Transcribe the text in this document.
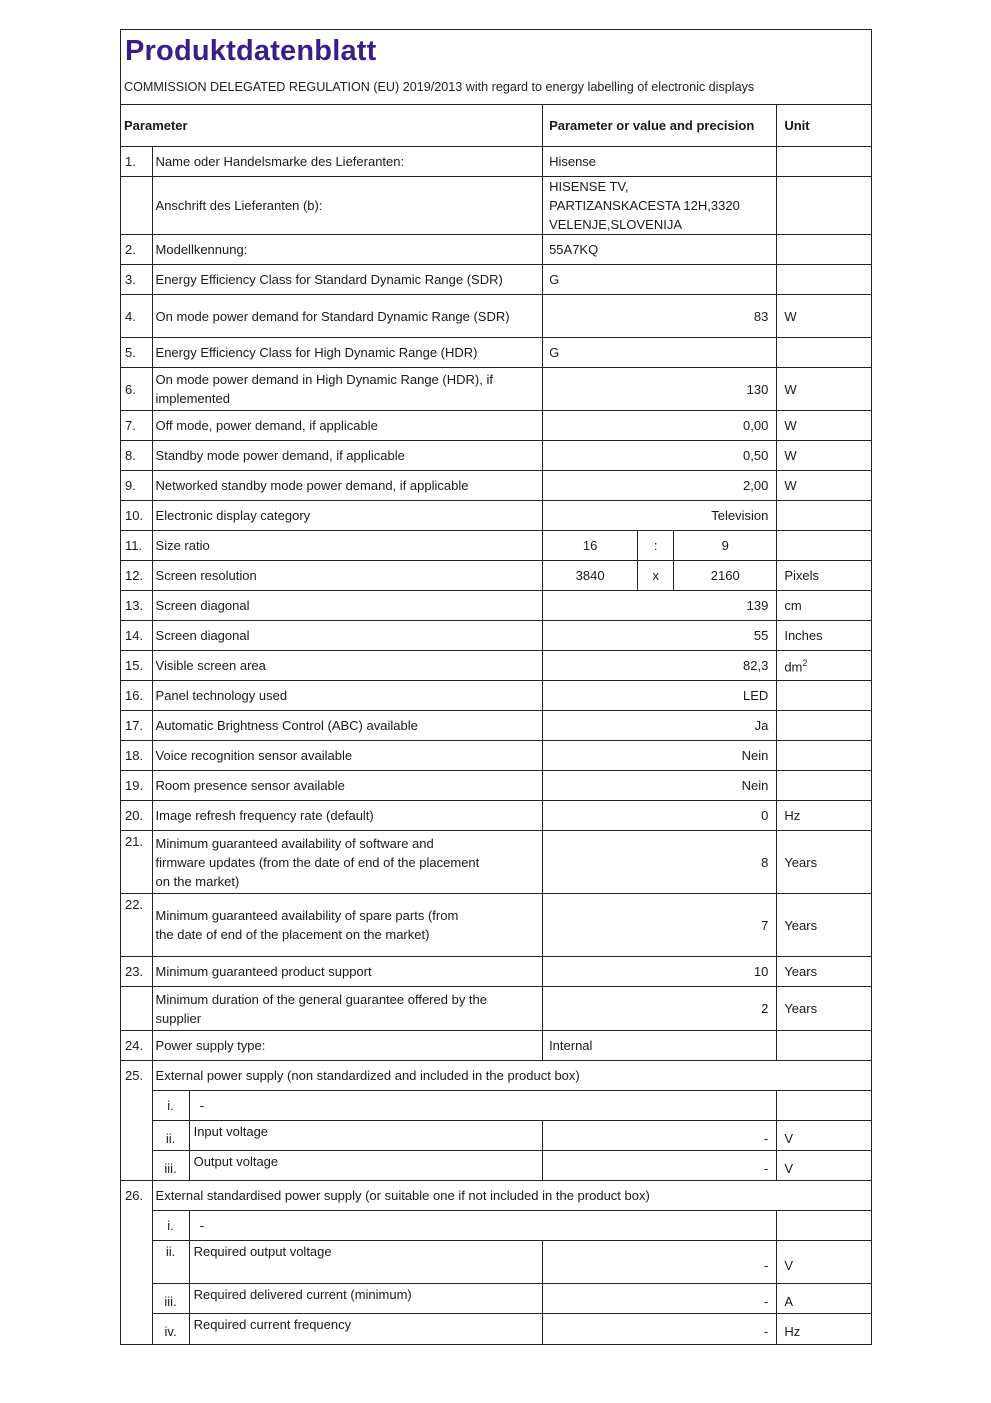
Produktdatenblatt
COMMISSION DELEGATED REGULATION (EU) 2019/2013 with regard to energy labelling of electronic displays
Parameter			Parameter or value and precision			Unit
1.	Name oder Handelsmarke des Lieferanten:		Hisense			
	Anschrift des Lieferanten (b):		HISENSE TV, PARTIZANSKACESTA 12H,3320 VELENJE,SLOVENIJA			
2.	Modellkennung:		55A7KQ			
3.	Energy Efficiency Class for Standard Dynamic Range (SDR)		G			
4.	On mode power demand for Standard Dynamic Range (SDR)		83			W
5.	Energy Efficiency Class for High Dynamic Range (HDR)		G			
6.	On mode power demand in High Dynamic Range (HDR), if implemented		130			W
7.	Off mode, power demand, if applicable		0,00			W
8.	Standby mode power demand, if applicable		0,50			W
9.	Networked standby mode power demand, if applicable		2,00			W
10.	Electronic display category		Television			
11.	Size ratio		16	:	9	
12.	Screen resolution		3840	x	2160	Pixels
13.	Screen diagonal		139			cm
14.	Screen diagonal		55			Inches
15.	Visible screen area		82,3			$dm^2$
16.	Panel technology used		LED			
17.	Automatic Brightness Control (ABC) available		Ja			
18.	Voice recognition sensor available		Nein			
19.	Room presence sensor available		Nein			
20.	Image refresh frequency rate (default)		0			Hz
21.	Minimum guaranteed availability of software and firmware updates (from the date of end of the placement on the market)		8			Years
22.	Minimum guaranteed availability of spare parts (from the date of end of the placement on the market)		7			Years
23.	Minimum guaranteed product support		10			Years
	Minimum duration of the general guarantee offered by the supplier		2			Years
24.	Power supply type:		Internal			
25.	External power supply (non standardized and included in the product box)					
	i.	-				
	ii.	Input voltage	-			V
	iii.	Output voltage	-			V
26.	External standardised power supply (or suitable one if not included in the product box)					
	i.	-				
	ii.	Required output voltage	-			V
	iii.	Required delivered current (minimum)	-			A
	iv.	Required current frequency	-			Hz
